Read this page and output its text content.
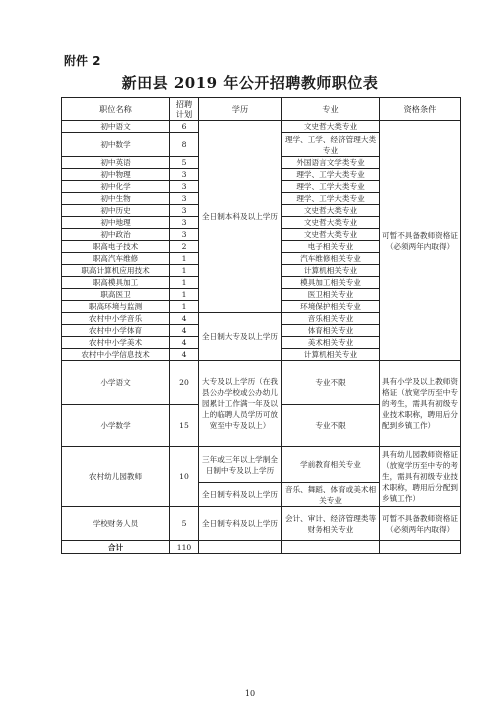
附件 2
新田县 2019 年公开招聘教师职位表
职位名称	招聘计划	学历	专业	资格条件
初中语文	6	全日制本科及以上学历	文史哲大类专业	可暂不具备教师资格证（必须两年内取得）
初中数学	8		理学、工学、经济管理大类专业	
初中英语	5		外国语言文学类专业	
初中物理	3		理学、工学大类专业	
初中化学	3		理学、工学大类专业	
初中生物	3		理学、工学大类专业	
初中历史	3		文史哲大类专业	
初中地理	3		文史哲大类专业	
初中政治	3		文史哲大类专业	
职高电子技术	2		电子相关专业	
职高汽车维修	1		汽车维修相关专业	
职高计算机应用技术	1		计算机相关专业	
职高模具加工	1		模具加工相关专业	
职高医卫	1		医卫相关专业	
职高环境与监测	1		环境保护相关专业	
农村中小学音乐	4	全日制大专及以上学历	音乐相关专业	
农村中小学体育	4		体育相关专业	
农村中小学美术	4		美术相关专业	
农村中小学信息技术	4		计算机相关专业	
小学语文	20	大专及以上学历（在我县公办学校或公办幼儿园累计工作满一年及以上的临聘人员学历可放宽至中专及以上）	专业不限	具有小学及以上教师资格证（放宽学历至中专的考生，需具有初级专业技术职称，聘用后分配到乡镇工作）
小学数学	15		专业不限	
农村幼儿园教师	10	三年或三年以上学制全日制中专及以上学历	学前教育相关专业	具有幼儿园教师资格证（放宽学历至中专的考生，需具有初级专业技术职称，聘用后分配到乡镇工作）
		全日制专科及以上学历	音乐、舞蹈、体育或美术相关专业	
学校财务人员	5	全日制专科及以上学历	会计、审计、经济管理类等财务相关专业	可暂不具备教师资格证（必须两年内取得）
合计	110			
10
